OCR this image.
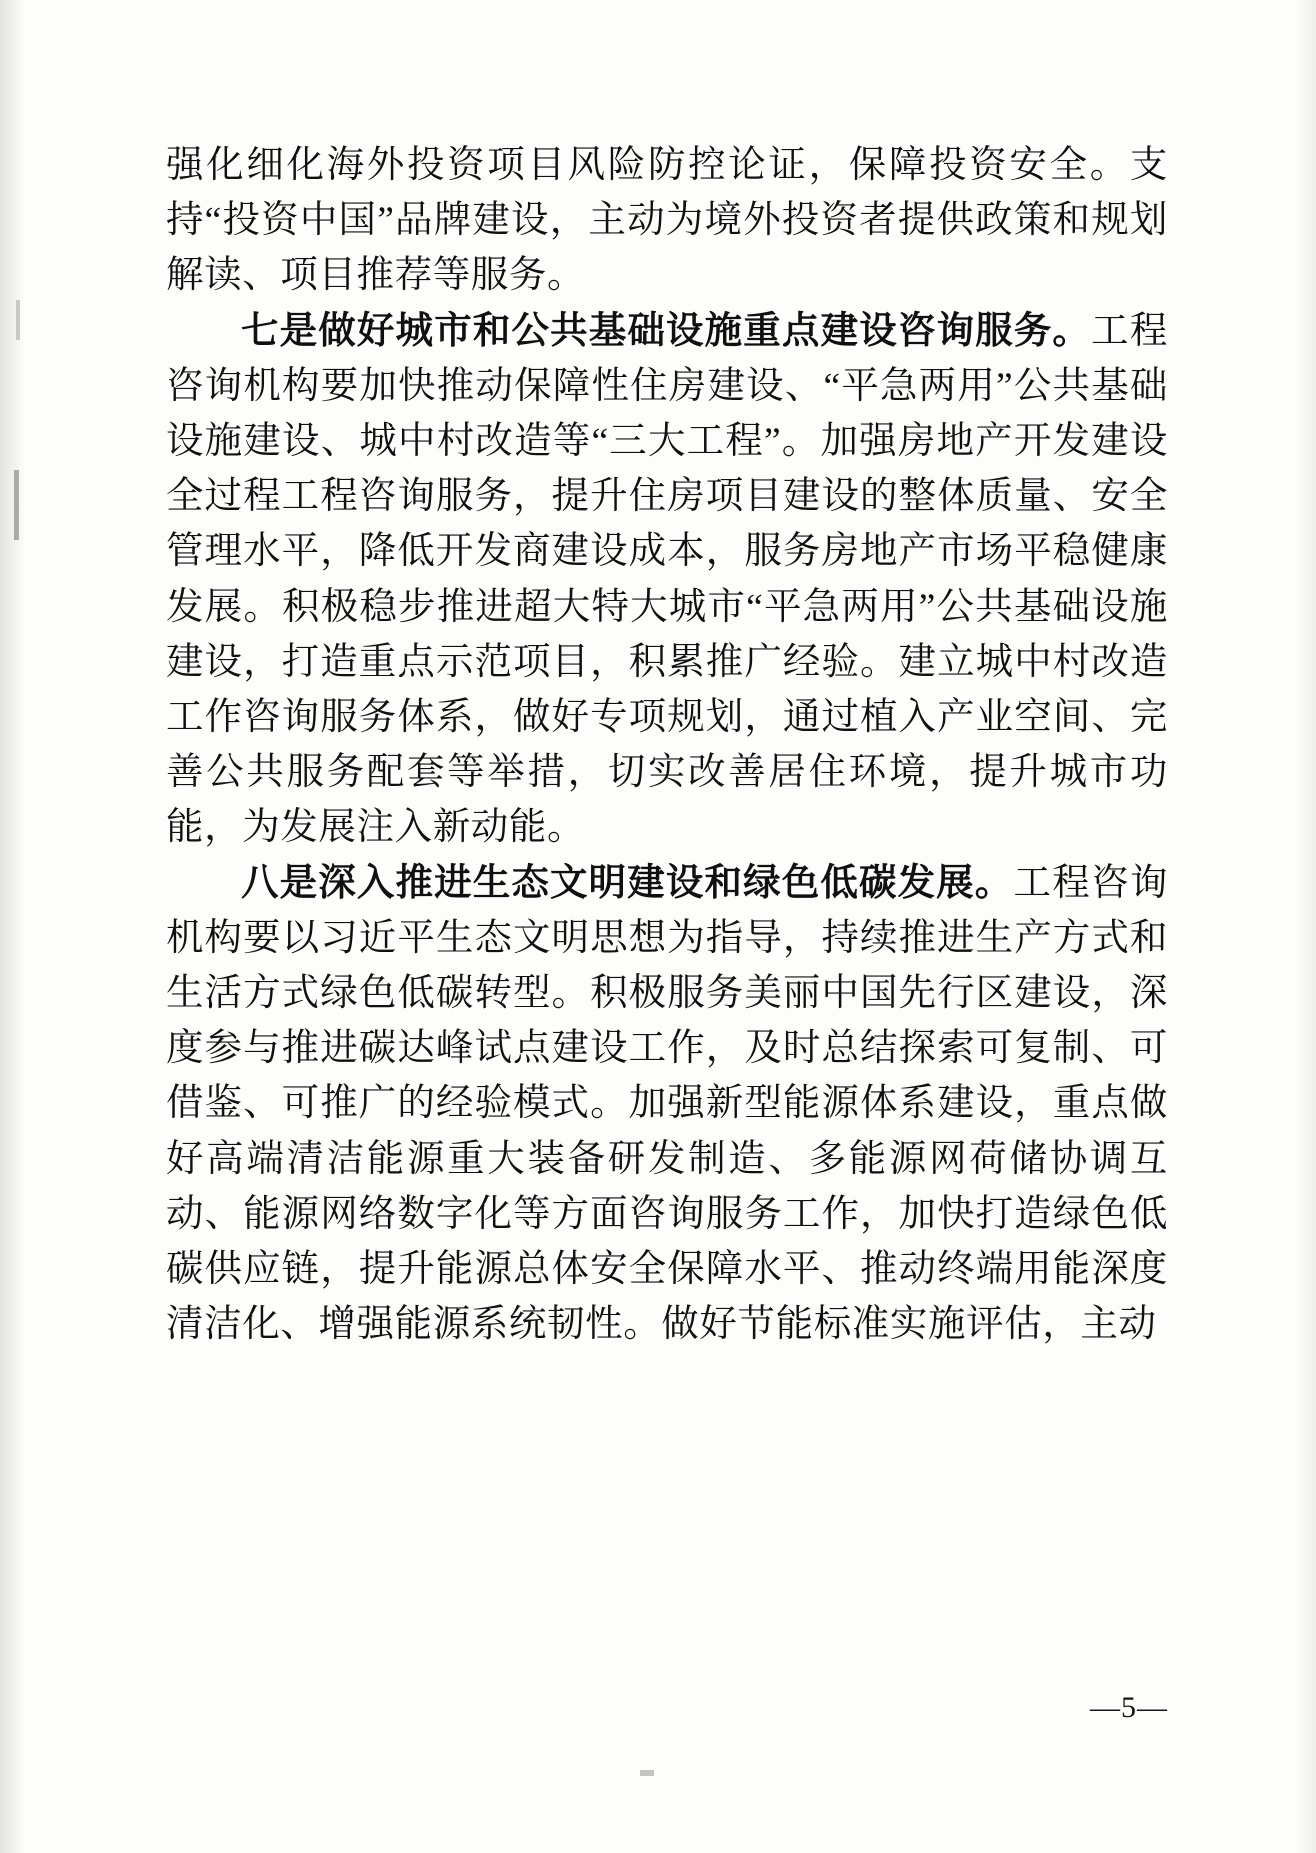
强化细化海外投资项目风险防控论证，保障投资安全。支持“投资中国”品牌建设，主动为境外投资者提供政策和规划解读、项目推荐等服务。

七是做好城市和公共基础设施重点建设咨询服务。工程咨询机构要加快推动保障性住房建设、“平急两用”公共基础设施建设、城中村改造等“三大工程”。加强房地产开发建设全过程工程咨询服务，提升住房项目建设的整体质量、安全管理水平，降低开发商建设成本，服务房地产市场平稳健康发展。积极稳步推进超大特大城市“平急两用”公共基础设施建设，打造重点示范项目，积累推广经验。建立城中村改造工作咨询服务体系，做好专项规划，通过植入产业空间、完善公共服务配套等举措，切实改善居住环境，提升城市功能，为发展注入新动能。

八是深入推进生态文明建设和绿色低碳发展。工程咨询机构要以习近平生态文明思想为指导，持续推进生产方式和生活方式绿色低碳转型。积极服务美丽中国先行区建设，深度参与推进碳达峰试点建设工作，及时总结探索可复制、可借鉴、可推广的经验模式。加强新型能源体系建设，重点做好高端清洁能源重大装备研发制造、多能源网荷储协调互动、能源网络数字化等方面咨询服务工作，加快打造绿色低碳供应链，提升能源总体安全保障水平、推动终端用能深度清洁化、增强能源系统韧性。做好节能标准实施评估，主动

—5—
